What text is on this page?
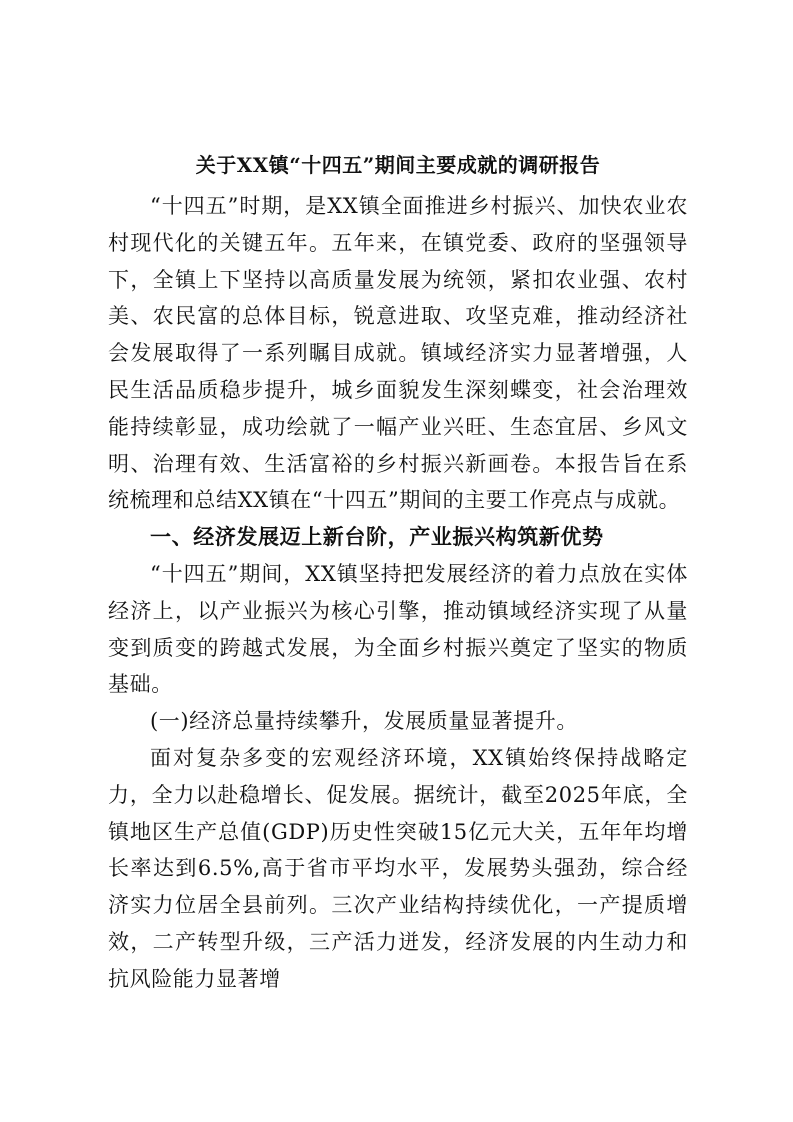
关于XX镇“十四五”期间主要成就的调研报告

“十四五”时期，是XX镇全面推进乡村振兴、加快农业农村现代化的关键五年。五年来，在镇党委、政府的坚强领导下，全镇上下坚持以高质量发展为统领，紧扣农业强、农村美、农民富的总体目标，锐意进取、攻坚克难，推动经济社会发展取得了一系列瞩目成就。镇域经济实力显著增强，人民生活品质稳步提升，城乡面貌发生深刻蝶变，社会治理效能持续彰显，成功绘就了一幅产业兴旺、生态宜居、乡风文明、治理有效、生活富裕的乡村振兴新画卷。本报告旨在系统梳理和总结XX镇在“十四五”期间的主要工作亮点与成就。

一、经济发展迈上新台阶，产业振兴构筑新优势

“十四五”期间，XX镇坚持把发展经济的着力点放在实体经济上，以产业振兴为核心引擎，推动镇域经济实现了从量变到质变的跨越式发展，为全面乡村振兴奠定了坚实的物质基础。

(一)经济总量持续攀升，发展质量显著提升。

面对复杂多变的宏观经济环境，XX镇始终保持战略定力，全力以赴稳增长、促发展。据统计，截至2025年底，全镇地区生产总值(GDP)历史性突破15亿元大关，五年年均增长率达到6.5%,高于省市平均水平，发展势头强劲，综合经济实力位居全县前列。三次产业结构持续优化，一产提质增效，二产转型升级，三产活力迸发，经济发展的内生动力和抗风险能力显著增
